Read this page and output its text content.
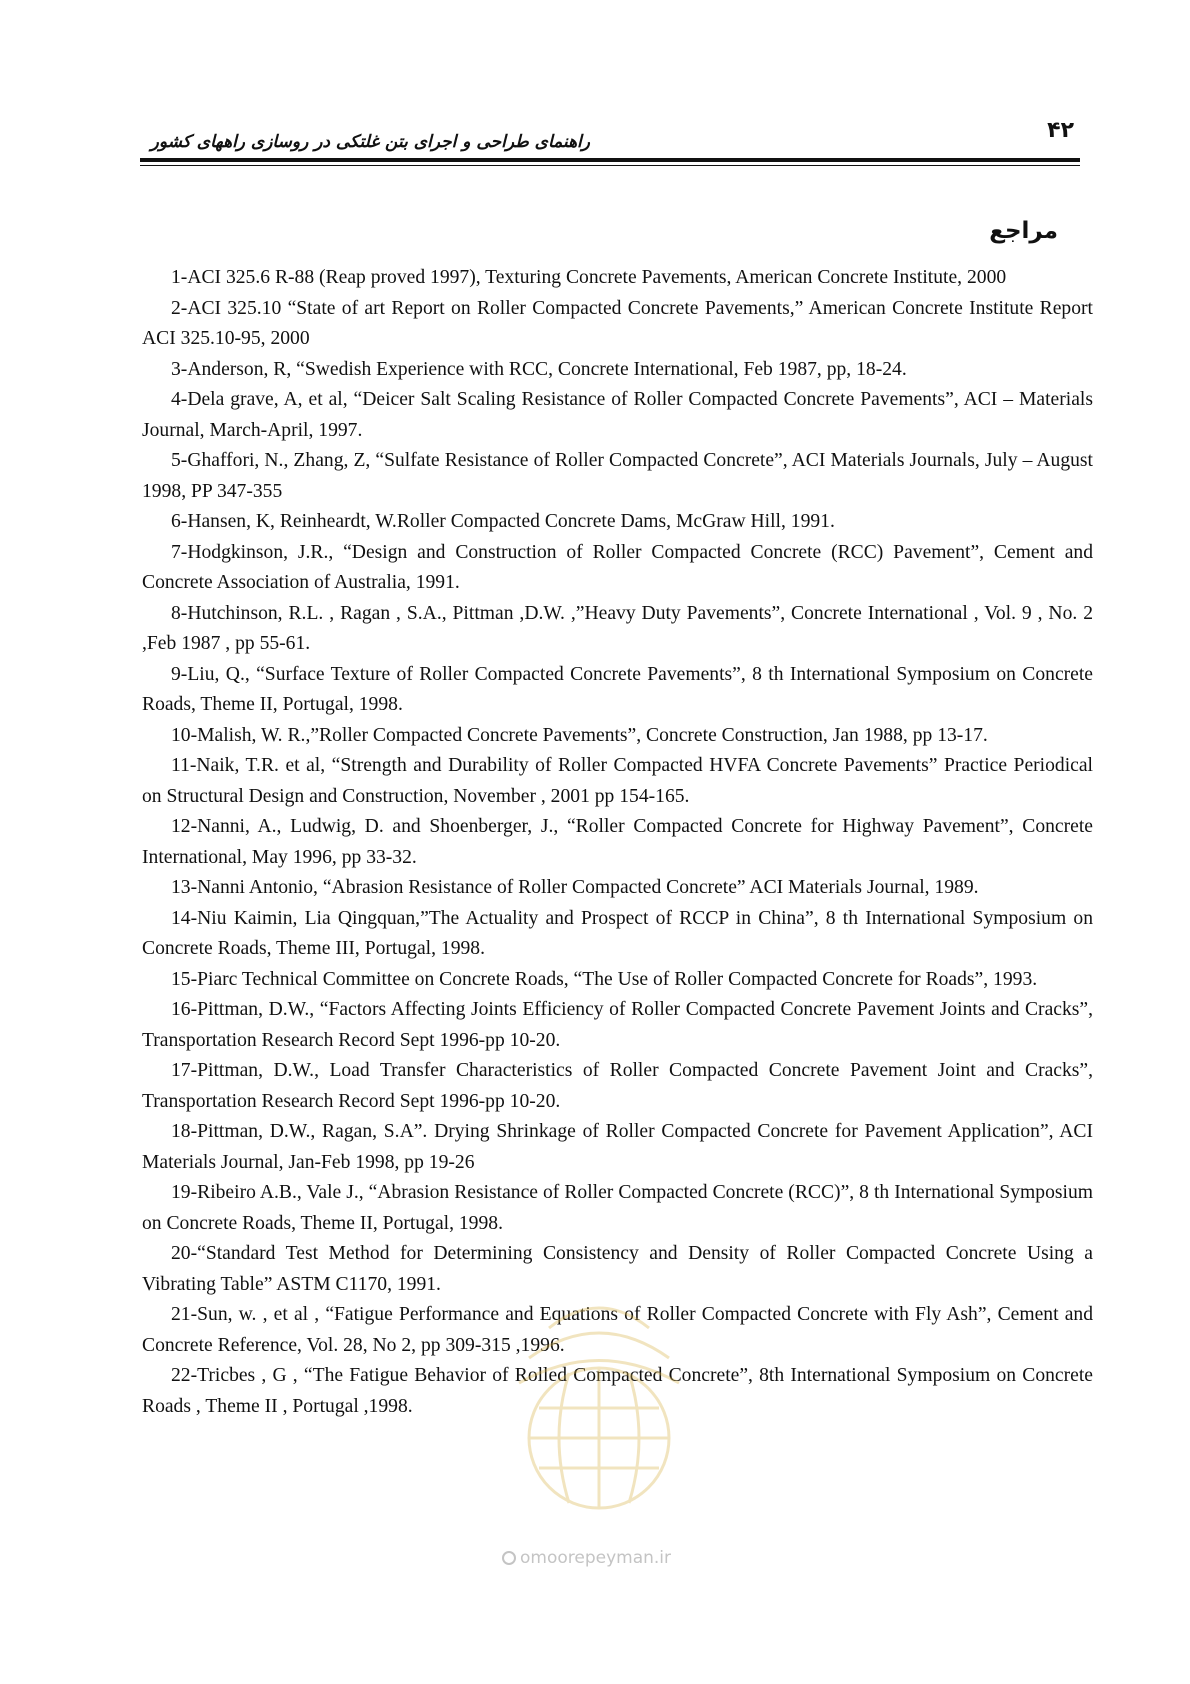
۴۲
راهنمای طراحی و اجرای بتن غلتکی در روسازی راههای کشور
مراجع
1-ACI 325.6 R-88 (Reap proved 1997), Texturing Concrete Pavements, American Concrete Institute, 2000
2-ACI 325.10 “State of art Report on Roller Compacted Concrete Pavements,” American Concrete Institute Report ACI 325.10-95, 2000
3-Anderson, R, “Swedish Experience with RCC, Concrete International, Feb 1987, pp, 18-24.
4-Dela grave, A, et al, “Deicer Salt Scaling Resistance of Roller Compacted Concrete Pavements”, ACI – Materials Journal, March-April, 1997.
5-Ghaffori, N., Zhang, Z, “Sulfate Resistance of Roller Compacted Concrete”, ACI Materials Journals, July – August 1998, PP 347-355
6-Hansen, K, Reinheardt, W.Roller Compacted Concrete Dams, McGraw Hill, 1991.
7-Hodgkinson, J.R., “Design and Construction of Roller Compacted Concrete (RCC) Pavement”, Cement and Concrete Association of Australia, 1991.
8-Hutchinson, R.L. , Ragan , S.A., Pittman ,D.W. ,”Heavy Duty Pavements”, Concrete International , Vol. 9 , No. 2 ,Feb 1987 , pp 55-61.
9-Liu, Q., “Surface Texture of Roller Compacted Concrete Pavements”, 8 th International Symposium on Concrete Roads, Theme II, Portugal, 1998.
10-Malish, W. R.,”Roller Compacted Concrete Pavements”, Concrete Construction, Jan 1988, pp 13-17.
11-Naik, T.R. et al, “Strength and Durability of Roller Compacted HVFA Concrete Pavements” Practice Periodical on Structural Design and Construction, November , 2001 pp 154-165.
12-Nanni, A., Ludwig, D. and Shoenberger, J., “Roller Compacted Concrete for Highway Pavement”, Concrete International, May 1996, pp 33-32.
13-Nanni Antonio, “Abrasion Resistance of Roller Compacted Concrete” ACI Materials Journal, 1989.
14-Niu Kaimin, Lia Qingquan,”The Actuality and Prospect of RCCP in China”, 8 th International Symposium on Concrete Roads, Theme III, Portugal, 1998.
15-Piarc Technical Committee on Concrete Roads, “The Use of Roller Compacted Concrete for Roads”, 1993.
16-Pittman, D.W., “Factors Affecting Joints Efficiency of Roller Compacted Concrete Pavement Joints and Cracks”, Transportation Research Record Sept 1996-pp 10-20.
17-Pittman, D.W., Load Transfer Characteristics of Roller Compacted Concrete Pavement Joint and Cracks”, Transportation Research Record Sept 1996-pp 10-20.
18-Pittman, D.W., Ragan, S.A”. Drying Shrinkage of Roller Compacted Concrete for Pavement Application”, ACI Materials Journal, Jan-Feb 1998, pp 19-26
19-Ribeiro A.B., Vale J., “Abrasion Resistance of Roller Compacted Concrete (RCC)”, 8 th International Symposium on Concrete Roads, Theme II, Portugal, 1998.
20-“Standard Test Method for Determining Consistency and Density of Roller Compacted Concrete Using a Vibrating Table” ASTM C1170, 1991.
21-Sun, w. , et al , “Fatigue Performance and Equations of Roller Compacted Concrete with Fly Ash”, Cement and Concrete Reference, Vol. 28, No 2, pp 309-315 ,1996.
22-Tricbes , G , “The Fatigue Behavior of Rolled Compacted Concrete”, 8th International Symposium on Concrete Roads , Theme II , Portugal ,1998.
omoorepeyman.ir
